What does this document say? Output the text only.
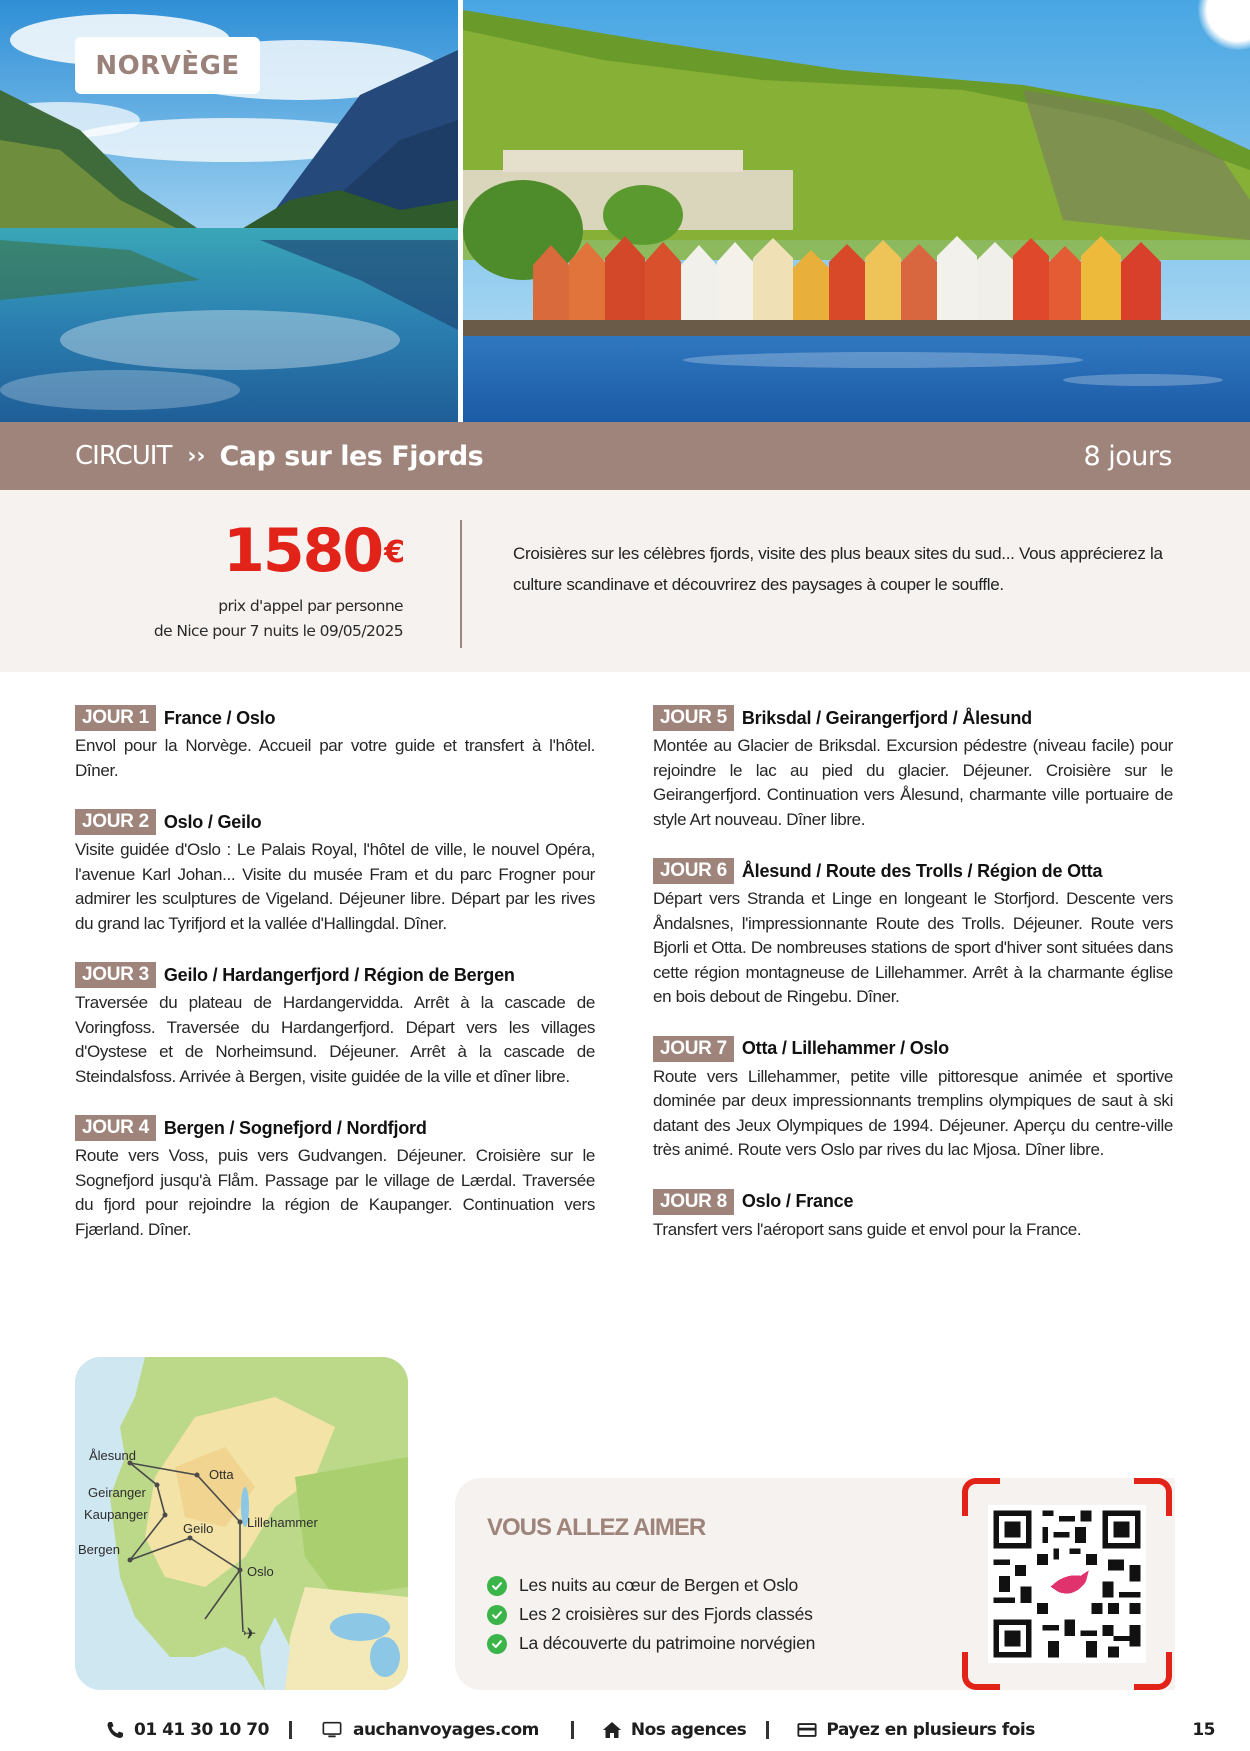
NORVÈGE
CIRCUIT ›› Cap sur les Fjords	8 jours
1580€
prix d'appel par personne
de Nice pour 7 nuits le 09/05/2025

Croisières sur les célèbres fjords, visite des plus beaux sites du sud... Vous apprécierez la culture scandinave et découvrirez des paysages à couper le souffle.

JOUR 1 France / Oslo

Envol pour la Norvège. Accueil par votre guide et transfert à l'hôtel. Dîner.

JOUR 2 Oslo / Geilo

Visite guidée d'Oslo : Le Palais Royal, l'hôtel de ville, le nouvel Opéra, l'avenue Karl Johan... Visite du musée Fram et du parc Frogner pour admirer les sculptures de Vigeland. Déjeuner libre. Départ par les rives du grand lac Tyrifjord et la vallée d'Hallingdal. Dîner.

JOUR 3 Geilo / Hardangerfjord / Région de Bergen

Traversée du plateau de Hardangervidda. Arrêt à la cascade de Voringfoss. Traversée du Hardangerfjord. Départ vers les villages d'Oystese et de Norheimsund. Déjeuner. Arrêt à la cascade de Steindalsfoss. Arrivée à Bergen, visite guidée de la ville et dîner libre.

JOUR 4 Bergen / Sognefjord / Nordfjord

Route vers Voss, puis vers Gudvangen. Déjeuner. Croisière sur le Sognefjord jusqu'à Flåm. Passage par le village de Lærdal. Traversée du fjord pour rejoindre la région de Kaupanger. Continuation vers Fjærland. Dîner.

JOUR 5 Briksdal / Geirangerfjord / Ålesund

Montée au Glacier de Briksdal. Excursion pédestre (niveau facile) pour rejoindre le lac au pied du glacier. Déjeuner. Croisière sur le Geirangerfjord. Continuation vers Ålesund, charmante ville portuaire de style Art nouveau. Dîner libre.

JOUR 6 Ålesund / Route des Trolls / Région de Otta

Départ vers Stranda et Linge en longeant le Storfjord. Descente vers Åndalsnes, l'impressionnante Route des Trolls. Déjeuner. Route vers Bjorli et Otta. De nombreuses stations de sport d'hiver sont situées dans cette région montagneuse de Lillehammer. Arrêt à la charmante église en bois debout de Ringebu. Dîner.

JOUR 7 Otta / Lillehammer / Oslo

Route vers Lillehammer, petite ville pittoresque animée et sportive dominée par deux impressionnants tremplins olympiques de saut à ski datant des Jeux Olympiques de 1994. Déjeuner. Aperçu du centre-ville très animé. Route vers Oslo par rives du lac Mjosa. Dîner libre.

JOUR 8 Oslo / France

Transfert vers l'aéroport sans guide et envol pour la France.

✈
Ålesund
Otta
Geiranger
Kaupanger
Geilo	Lillehammer
Bergen
Oslo
VOUS ALLEZ AIMER
Les nuits au cœur de Bergen et Oslo
Les 2 croisières sur des Fjords classés
La découverte du patrimoine norvégien
01 41 30 10 70	auchanvoyages.com	Nos agences	Payez en plusieurs fois	15
